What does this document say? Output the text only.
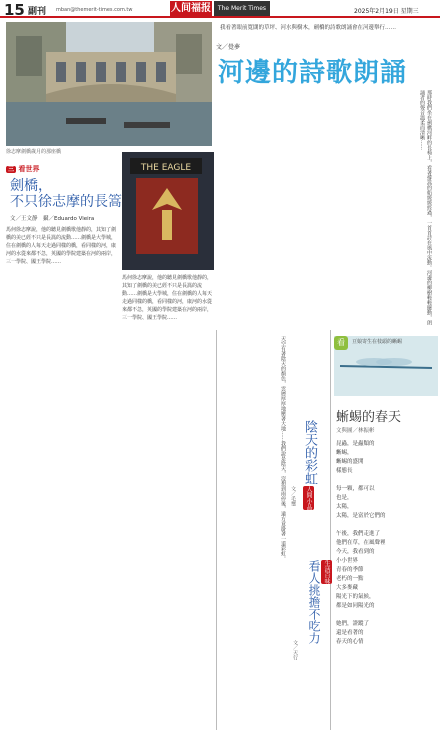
15 副刊 mban@themerit-times.com.tw	人间福报	The Merit Times	2025年2月19日 星期三
我看著眼前寬闊的草坪、河水與樹木，劍橋的詩歌朗誦會在河邊舉行……
文／覺夢
河邊的詩歌朗誦
那時我們坐在劍橋河畔的長椅上，看著撐篙的船緩緩經過，一首首詩在風中流動。河邊的柳樹輕輕擺動，朗誦者的聲音溫柔而清晰……
徐志摩劍橋歲月的那座橋
三 看世界
劍橋，
不只徐志摩的長篙
文／王文静　攝／Eduardo Vieira
馬何徐志摩說，他的聽見劍橋歌他靜的，其知了劍橋的美已經不只是長篙的流動……劍橋是大學城，住在劍橋的人每天走過同樣的橋，看同樣的河，康河的水從來都不急，英國的學院建築在河的兩岸，三一學院、國王學院……
THE EAGLE
馬何徐志摩說，他的聽見劍橋歌他靜的，其知了劍橋的美已經不只是長篙的流動……劍橋是大學城，住在劍橋的人每天走過同樣的橋，看同樣的河，康河的水從來都不急，英國的學院建築在河的兩岸，三一學院、國王學院……
看	豆娘寄生在枝頭的蜥蜴
蜥蜴的春天
文與圖／林振彬
昆蟲，是蟲類的
蜥蜴，
蜥蜴的盛開
樣態長

每一顆，都可以
也是，
太陽，
太陽，是富於它們的

午後，我們走進了
他們在草，在風聲裡
今天，我看到的
小小世界
青春的季節
老朽的一點
大多麥藏
陽光下的氣候，
都是如同陽光的

她們，證蹤了
還是看著的
春天的心情
陰天的彩虹
人間小品
文／毛璽
天空有著陰天的顏色，雲層厚厚地壓著大地……我們說是陰天，沒想到雨停後，遠方竟掛著一道彩虹。
看人挑擔不吃力 生活百味
文／天行
